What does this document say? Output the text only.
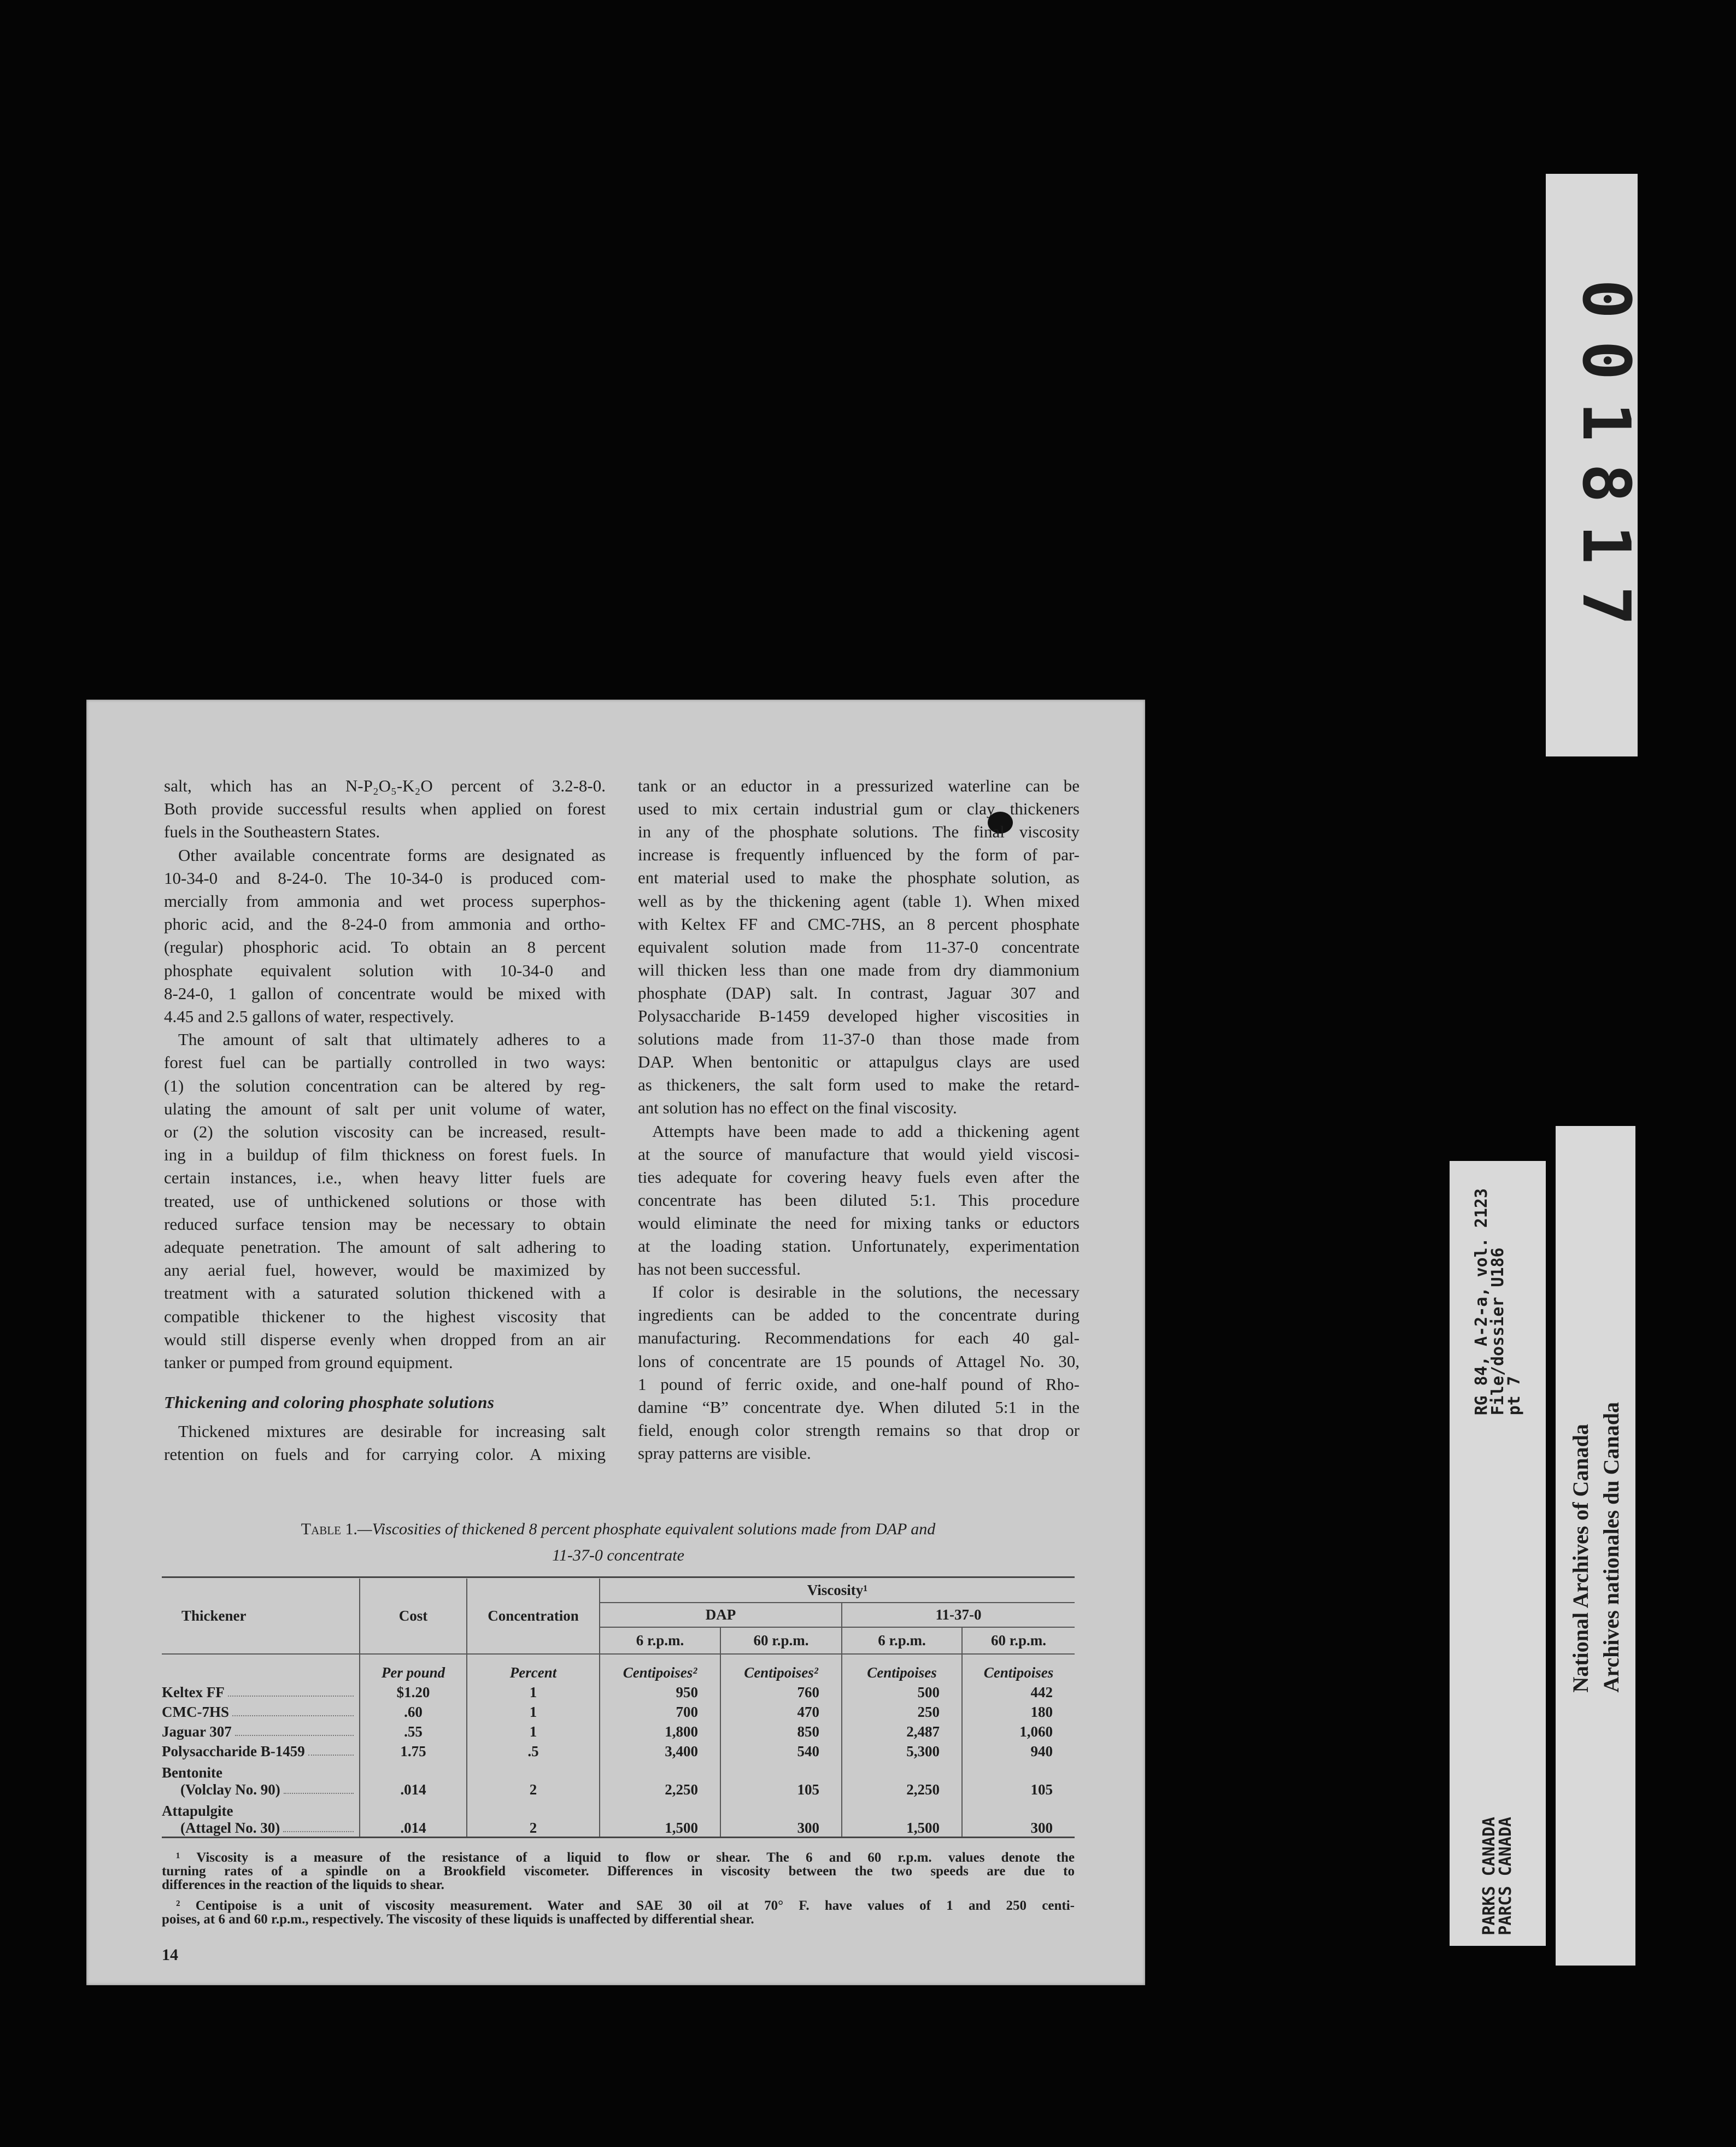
salt, which has an N-P₂O₅-K₂O percent of 3.2-8-0.
Both provide successful results when applied on forest
fuels in the Southeastern States.
Other available concentrate forms are designated as
10-34-0 and 8-24-0. The 10-34-0 is produced com-
mercially from ammonia and wet process superphos-
phoric acid, and the 8-24-0 from ammonia and ortho-
(regular) phosphoric acid. To obtain an 8 percent
phosphate equivalent solution with 10-34-0 and
8-24-0, 1 gallon of concentrate would be mixed with
4.45 and 2.5 gallons of water, respectively.
The amount of salt that ultimately adheres to a
forest fuel can be partially controlled in two ways:
(1) the solution concentration can be altered by reg-
ulating the amount of salt per unit volume of water,
or (2) the solution viscosity can be increased, result-
ing in a buildup of film thickness on forest fuels. In
certain instances, i.e., when heavy litter fuels are
treated, use of unthickened solutions or those with
reduced surface tension may be necessary to obtain
adequate penetration. The amount of salt adhering to
any aerial fuel, however, would be maximized by
treatment with a saturated solution thickened with a
compatible thickener to the highest viscosity that
would still disperse evenly when dropped from an air
tanker or pumped from ground equipment.
Thickening and coloring phosphate solutions
Thickened mixtures are desirable for increasing salt
retention on fuels and for carrying color. A mixing
tank or an eductor in a pressurized waterline can be
used to mix certain industrial gum or clay thickeners
in any of the phosphate solutions. The final viscosity
increase is frequently influenced by the form of par-
ent material used to make the phosphate solution, as
well as by the thickening agent (table 1). When mixed
with Keltex FF and CMC-7HS, an 8 percent phosphate
equivalent solution made from 11-37-0 concentrate
will thicken less than one made from dry diammonium
phosphate (DAP) salt. In contrast, Jaguar 307 and
Polysaccharide B-1459 developed higher viscosities in
solutions made from 11-37-0 than those made from
DAP. When bentonitic or attapulgus clays are used
as thickeners, the salt form used to make the retard-
ant solution has no effect on the final viscosity.
Attempts have been made to add a thickening agent
at the source of manufacture that would yield viscosi-
ties adequate for covering heavy fuels even after the
concentrate has been diluted 5:1. This procedure
would eliminate the need for mixing tanks or eductors
at the loading station. Unfortunately, experimentation
has not been successful.
If color is desirable in the solutions, the necessary
ingredients can be added to the concentrate during
manufacturing. Recommendations for each 40 gal-
lons of concentrate are 15 pounds of Attagel No. 30,
1 pound of ferric oxide, and one-half pound of Rho-
damine “B” concentrate dye. When diluted 5:1 in the
field, enough color strength remains so that drop or
spray patterns are visible.
Table 1.—Viscosities of thickened 8 percent phosphate equivalent solutions made from DAP and
11-37-0 concentrate
Thickener	Cost	Concentration	Viscosity¹			
			DAP		11-37-0	
			6 r.p.m.	60 r.p.m.	6 r.p.m.	60 r.p.m.
	Per pound	Percent	Centipoises²	Centipoises²	Centipoises	Centipoises

Keltex FF	$1.20	1	950	760	500	442

CMC-7HS	.60	1	700	470	250	180

Jaguar 307	.55	1	1,800	850	2,487	1,060

Polysaccharide B-1459	1.75	.5	3,400	540	5,300	940

Bentonite
(Volclay No. 90)	.014	2	2,250	105	2,250	105

Attapulgite
(Attagel No. 30)	.014	2	1,500	300	1,500	300
¹ Viscosity is a measure of the resistance of a liquid to flow or shear. The 6 and 60 r.p.m. values denote the
turning rates of a spindle on a Brookfield viscometer. Differences in viscosity between the two speeds are due to
differences in the reaction of the liquids to shear.
² Centipoise is a unit of viscosity measurement. Water and SAE 30 oil at 70° F. have values of 1 and 250 centi-
poises, at 6 and 60 r.p.m., respectively. The viscosity of these liquids is unaffected by differential shear.
14
001817
RG 84, A-2-a, vol. 2123
File/dossier U186
pt 7
PARKS CANADA
PARCS CANADA
National Archives of Canada Archives nationales du Canada
